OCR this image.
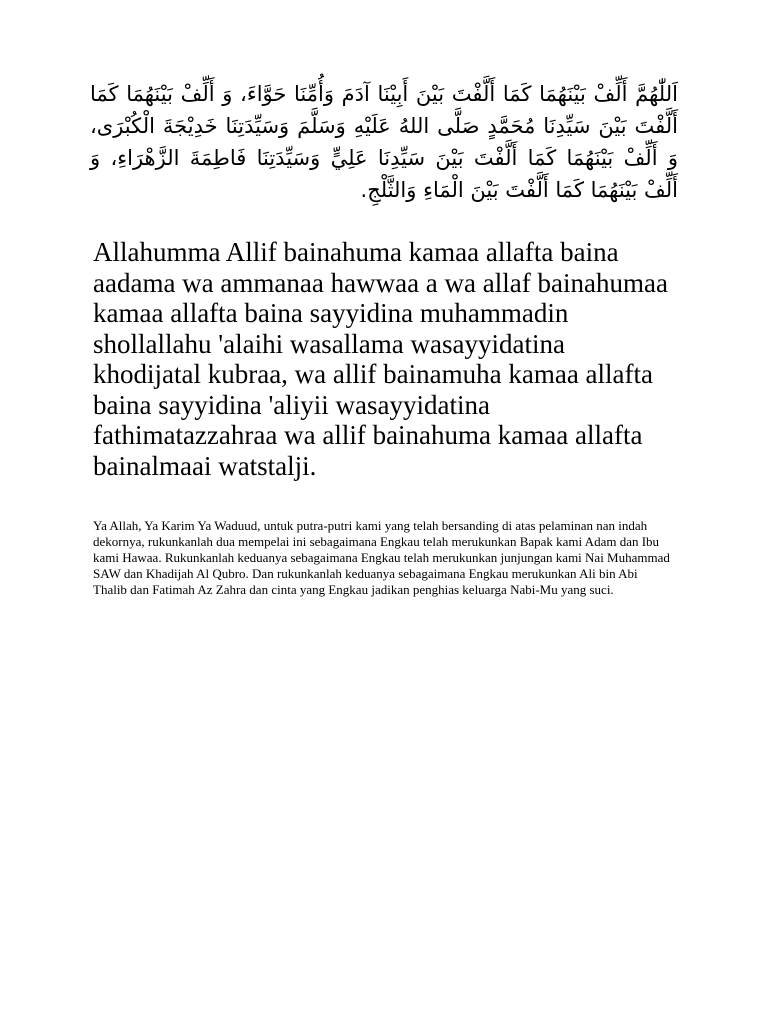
اَللّٰهُمَّ أَلِّفْ بَيْنَهُمَا كَمَا أَلَّفْتَ بَيْنَ أَبِيْنَا آدَمَ وَأُمِّنَا حَوَّاءَ، وَ أَلِّفْ بَيْنَهُمَا كَمَا أَلَّفْتَ بَيْنَ سَيِّدِنَا مُحَمَّدٍ صَلَّى اللهُ عَلَيْهِ وَسَلَّمَ وَسَيِّدَتِنَا خَدِيْجَةَ الْكُبْرَى، وَ أَلِّفْ بَيْنَهُمَا كَمَا أَلَّفْتَ بَيْنَ سَيِّدِنَا عَلِيٍّ وَسَيِّدَتِنَا فَاطِمَةَ الزَّهْرَاءِ، وَ أَلِّفْ بَيْنَهُمَا كَمَا أَلَّفْتَ بَيْنَ الْمَاءِ وَالثَّلْجِ.

Allahumma Allif bainahuma kamaa allafta baina aadama wa ammanaa hawwaa a wa allaf bainahumaa kamaa allafta baina sayyidina muhammadin shollallahu 'alaihi wasallama wasayyidatina khodijatal kubraa, wa allif bainamuha kamaa allafta baina sayyidina 'aliyii wasayyidatina fathimatazzahraa wa allif bainahuma kamaa allafta bainalmaai watstalji.

Ya Allah, Ya Karim Ya Waduud, untuk putra-putri kami yang telah bersanding di atas pelaminan nan indah dekornya, rukunkanlah dua mempelai ini sebagaimana Engkau telah merukunkan Bapak kami Adam dan Ibu kami Hawaa. Rukunkanlah keduanya sebagaimana Engkau telah merukunkan junjungan kami Nai Muhammad SAW dan Khadijah Al Qubro. Dan rukunkanlah keduanya sebagaimana Engkau merukunkan Ali bin Abi Thalib dan Fatimah Az Zahra dan cinta yang Engkau jadikan penghias keluarga Nabi-Mu yang suci.
